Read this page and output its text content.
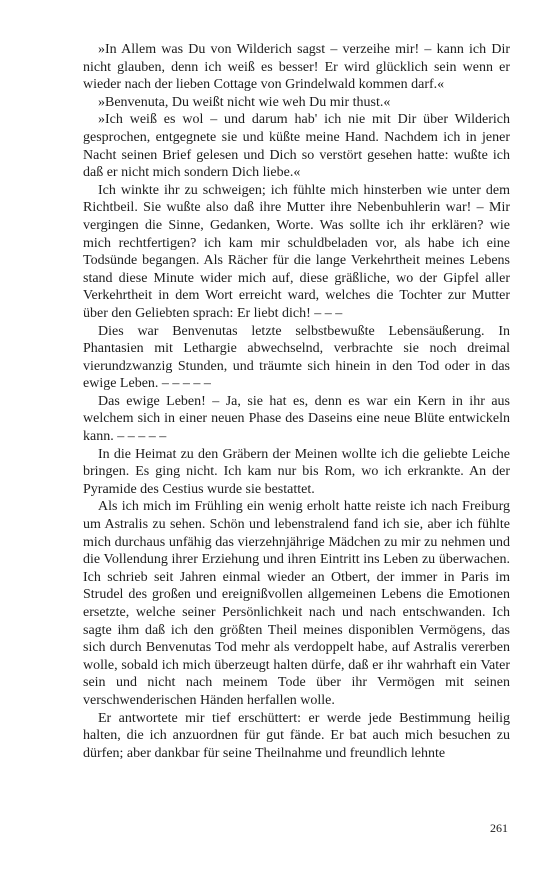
»In Allem was Du von Wilderich sagst – verzeihe mir! – kann ich Dir nicht glauben, denn ich weiß es besser! Er wird glücklich sein wenn er wieder nach der lieben Cottage von Grindelwald kommen darf.«

»Benvenuta, Du weißt nicht wie weh Du mir thust.«

»Ich weiß es wol – und darum hab' ich nie mit Dir über Wilderich gesprochen, entgegnete sie und küßte meine Hand. Nachdem ich in jener Nacht seinen Brief gelesen und Dich so verstört gesehen hatte: wußte ich daß er nicht mich sondern Dich liebe.«

Ich winkte ihr zu schweigen; ich fühlte mich hinsterben wie unter dem Richtbeil. Sie wußte also daß ihre Mutter ihre Nebenbuhlerin war! – Mir vergingen die Sinne, Gedanken, Worte. Was sollte ich ihr erklären? wie mich rechtfertigen? ich kam mir schuldbeladen vor, als habe ich eine Todsünde begangen. Als Rächer für die lange Verkehrtheit meines Lebens stand diese Minute wider mich auf, diese gräßliche, wo der Gipfel aller Verkehrtheit in dem Wort erreicht ward, welches die Tochter zur Mutter über den Geliebten sprach: Er liebt dich! – – –

Dies war Benvenutas letzte selbstbewußte Lebensäußerung. In Phantasien mit Lethargie abwechselnd, verbrachte sie noch dreimal vierundzwanzig Stunden, und träumte sich hinein in den Tod oder in das ewige Leben. – – – – –

Das ewige Leben! – Ja, sie hat es, denn es war ein Kern in ihr aus welchem sich in einer neuen Phase des Daseins eine neue Blüte entwickeln kann. – – – – –

In die Heimat zu den Gräbern der Meinen wollte ich die geliebte Leiche bringen. Es ging nicht. Ich kam nur bis Rom, wo ich erkrankte. An der Pyramide des Cestius wurde sie bestattet.

Als ich mich im Frühling ein wenig erholt hatte reiste ich nach Freiburg um Astralis zu sehen. Schön und lebenstralend fand ich sie, aber ich fühlte mich durchaus unfähig das vierzehnjährige Mädchen zu mir zu nehmen und die Vollendung ihrer Erziehung und ihren Eintritt ins Leben zu überwachen. Ich schrieb seit Jahren einmal wieder an Otbert, der immer in Paris im Strudel des großen und ereignißvollen allgemeinen Lebens die Emotionen ersetzte, welche seiner Persönlichkeit nach und nach entschwanden. Ich sagte ihm daß ich den größten Theil meines disponiblen Vermögens, das sich durch Benvenutas Tod mehr als verdoppelt habe, auf Astralis vererben wolle, sobald ich mich überzeugt halten dürfe, daß er ihr wahrhaft ein Vater sein und nicht nach meinem Tode über ihr Vermögen mit seinen verschwenderischen Händen herfallen wolle.

Er antwortete mir tief erschüttert: er werde jede Bestimmung heilig halten, die ich anzuordnen für gut fände. Er bat auch mich besuchen zu dürfen; aber dankbar für seine Theilnahme und freundlich lehnte

261
